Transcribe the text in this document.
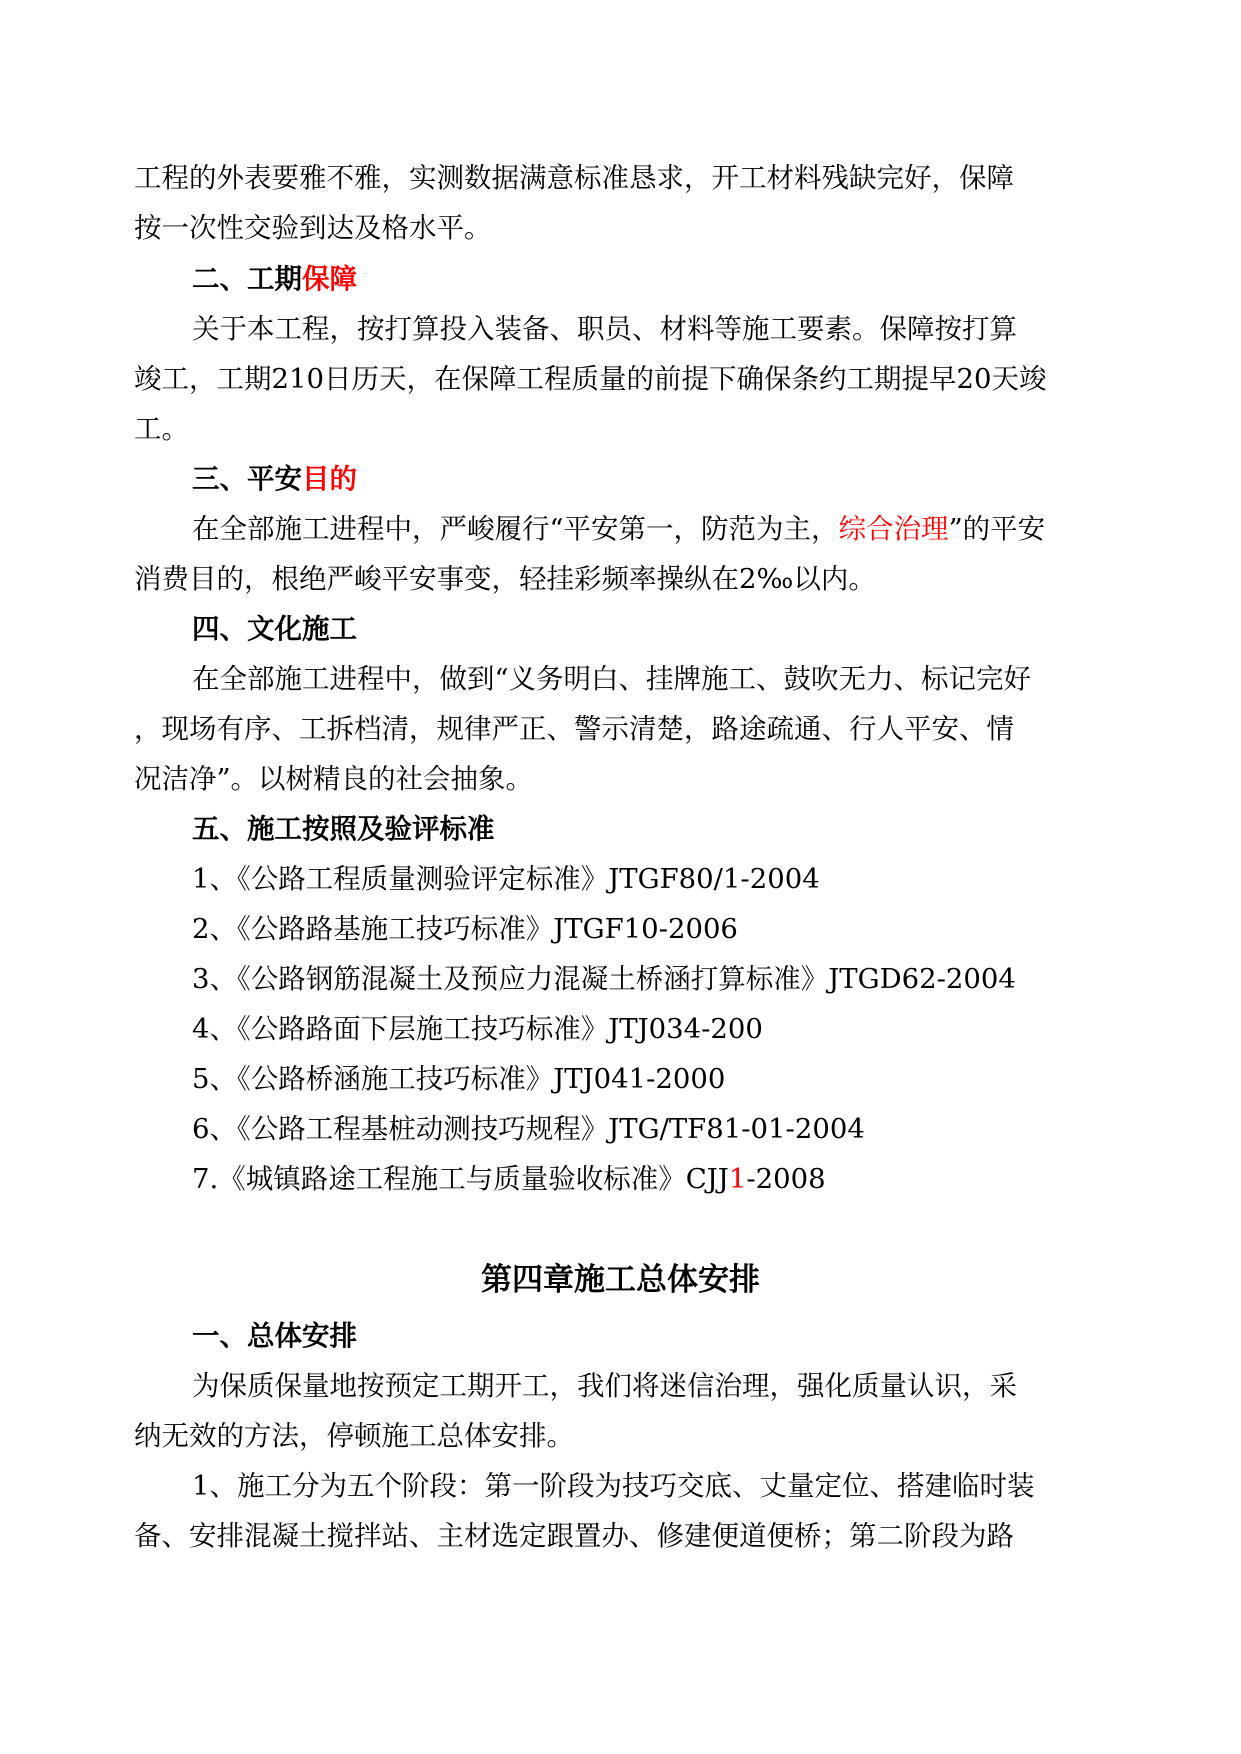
工程的外表要雅不雅，实测数据满意标准恳求，开工材料残缺完好，保障
按一次性交验到达及格水平。
二、工期保障
关于本工程，按打算投入装备、职员、材料等施工要素。保障按打算
竣工，工期210日历天，在保障工程质量的前提下确保条约工期提早20天竣
工。
三、平安目的
在全部施工进程中，严峻履行“平安第一，防范为主，综合治理”的平安
消费目的，根绝严峻平安事变，轻挂彩频率操纵在2‰以内。
四、文化施工
在全部施工进程中，做到“义务明白、挂牌施工、鼓吹无力、标记完好
，现场有序、工拆档清，规律严正、警示清楚，路途疏通、行人平安、情
况洁净”。以树精良的社会抽象。
五、施工按照及验评标准
1、《公路工程质量测验评定标准》JTGF80/1-2004
2、《公路路基施工技巧标准》JTGF10-2006
3、《公路钢筋混凝土及预应力混凝土桥涵打算标准》JTGD62-2004
4、《公路路面下层施工技巧标准》JTJ034-200
5、《公路桥涵施工技巧标准》JTJ041-2000
6、《公路工程基桩动测技巧规程》JTG/TF81-01-2004
7.《城镇路途工程施工与质量验收标准》CJJ1-2008
第四章施工总体安排
一、总体安排
为保质保量地按预定工期开工，我们将迷信治理，强化质量认识，采
纳无效的方法，停顿施工总体安排。
1、施工分为五个阶段：第一阶段为技巧交底、丈量定位、搭建临时装
备、安排混凝土搅拌站、主材选定跟置办、修建便道便桥；第二阶段为路
